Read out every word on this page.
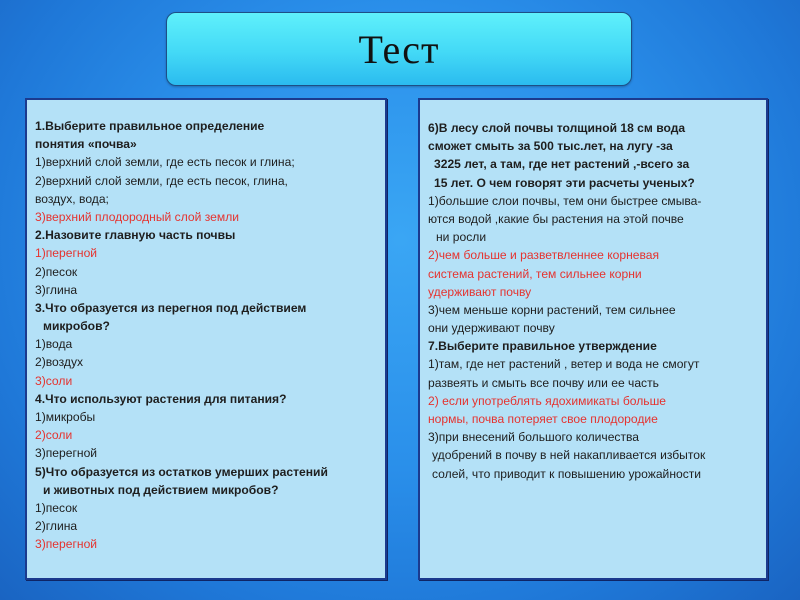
Тест
1.Выберите правильное определение
понятия «почва»
1)верхний слой земли, где есть песок и глина;
2)верхний слой земли, где есть песок, глина,
воздух, вода;
3)верхний плодородный слой земли
2.Назовите главную часть почвы
1)перегной
2)песок
3)глина
3.Что образуется из перегноя под действием
микробов?
1)вода
2)воздух
3)соли
4.Что используют растения для питания?
1)микробы
2)соли
3)перегной
5)Что образуется из остатков умерших растений
и животных под действием микробов?
1)песок
2)глина
3)перегной
6)В лесу слой почвы толщиной 18 см вода
сможет смыть за 500 тыс.лет, на лугу -за
3225 лет, а там, где нет растений ,-всего за
15 лет. О чем говорят эти расчеты ученых?
1)большие слои почвы, тем они быстрее смыва-
ются водой ,какие бы растения на этой почве
ни росли
2)чем больше и разветвленнее корневая
система растений, тем сильнее корни
удерживают почву
3)чем меньше корни растений, тем сильнее
они удерживают почву
7.Выберите правильное утверждение
1)там, где нет растений , ветер и вода не смогут
развеять и смыть все почву или ее часть
2) если употреблять ядохимикаты больше
нормы, почва потеряет свое плодородие
3)при внесений большого количества
удобрений в почву в ней накапливается избыток
солей, что приводит к повышению урожайности
